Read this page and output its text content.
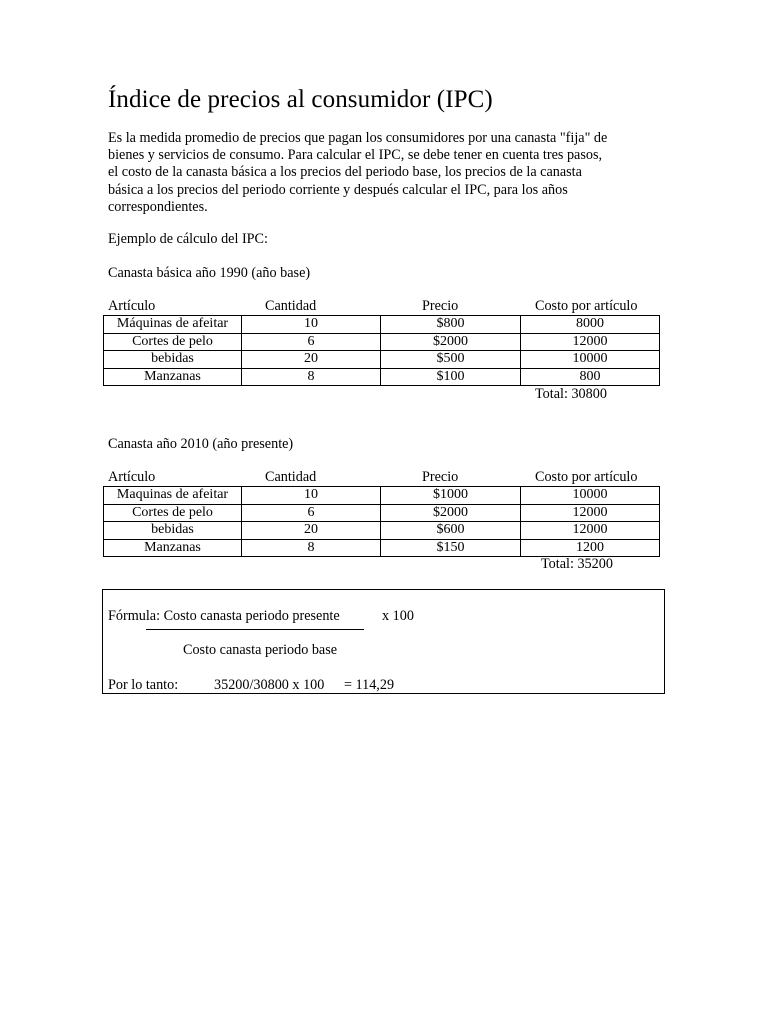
Índice de precios al consumidor (IPC)
Es la medida promedio de precios que pagan los consumidores por una canasta "fija" de
bienes y servicios de consumo. Para calcular el IPC, se debe tener en cuenta tres pasos,
el costo de la canasta básica a los precios del periodo base, los precios de la canasta
básica a los precios del periodo corriente y después calcular el IPC, para los años
correspondientes.
Ejemplo de cálculo del IPC:
Canasta básica año 1990 (año base)
Artículo	Cantidad	Precio	Costo por artículo
Máquinas de afeitar	10	$800	8000
Cortes de pelo	6	$2000	12000
bebidas	20	$500	10000
Manzanas	8	$100	800
Total: 30800
Canasta año 2010 (año presente)
Artículo	Cantidad	Precio	Costo por artículo
Maquinas de afeitar	10	$1000	10000
Cortes de pelo	6	$2000	12000
bebidas	20	$600	12000
Manzanas	8	$150	1200
Total: 35200
Fórmula: Costo canasta periodo presente	x 100
Costo canasta periodo base
Por lo tanto:	35200/30800 x 100 = 114,29
